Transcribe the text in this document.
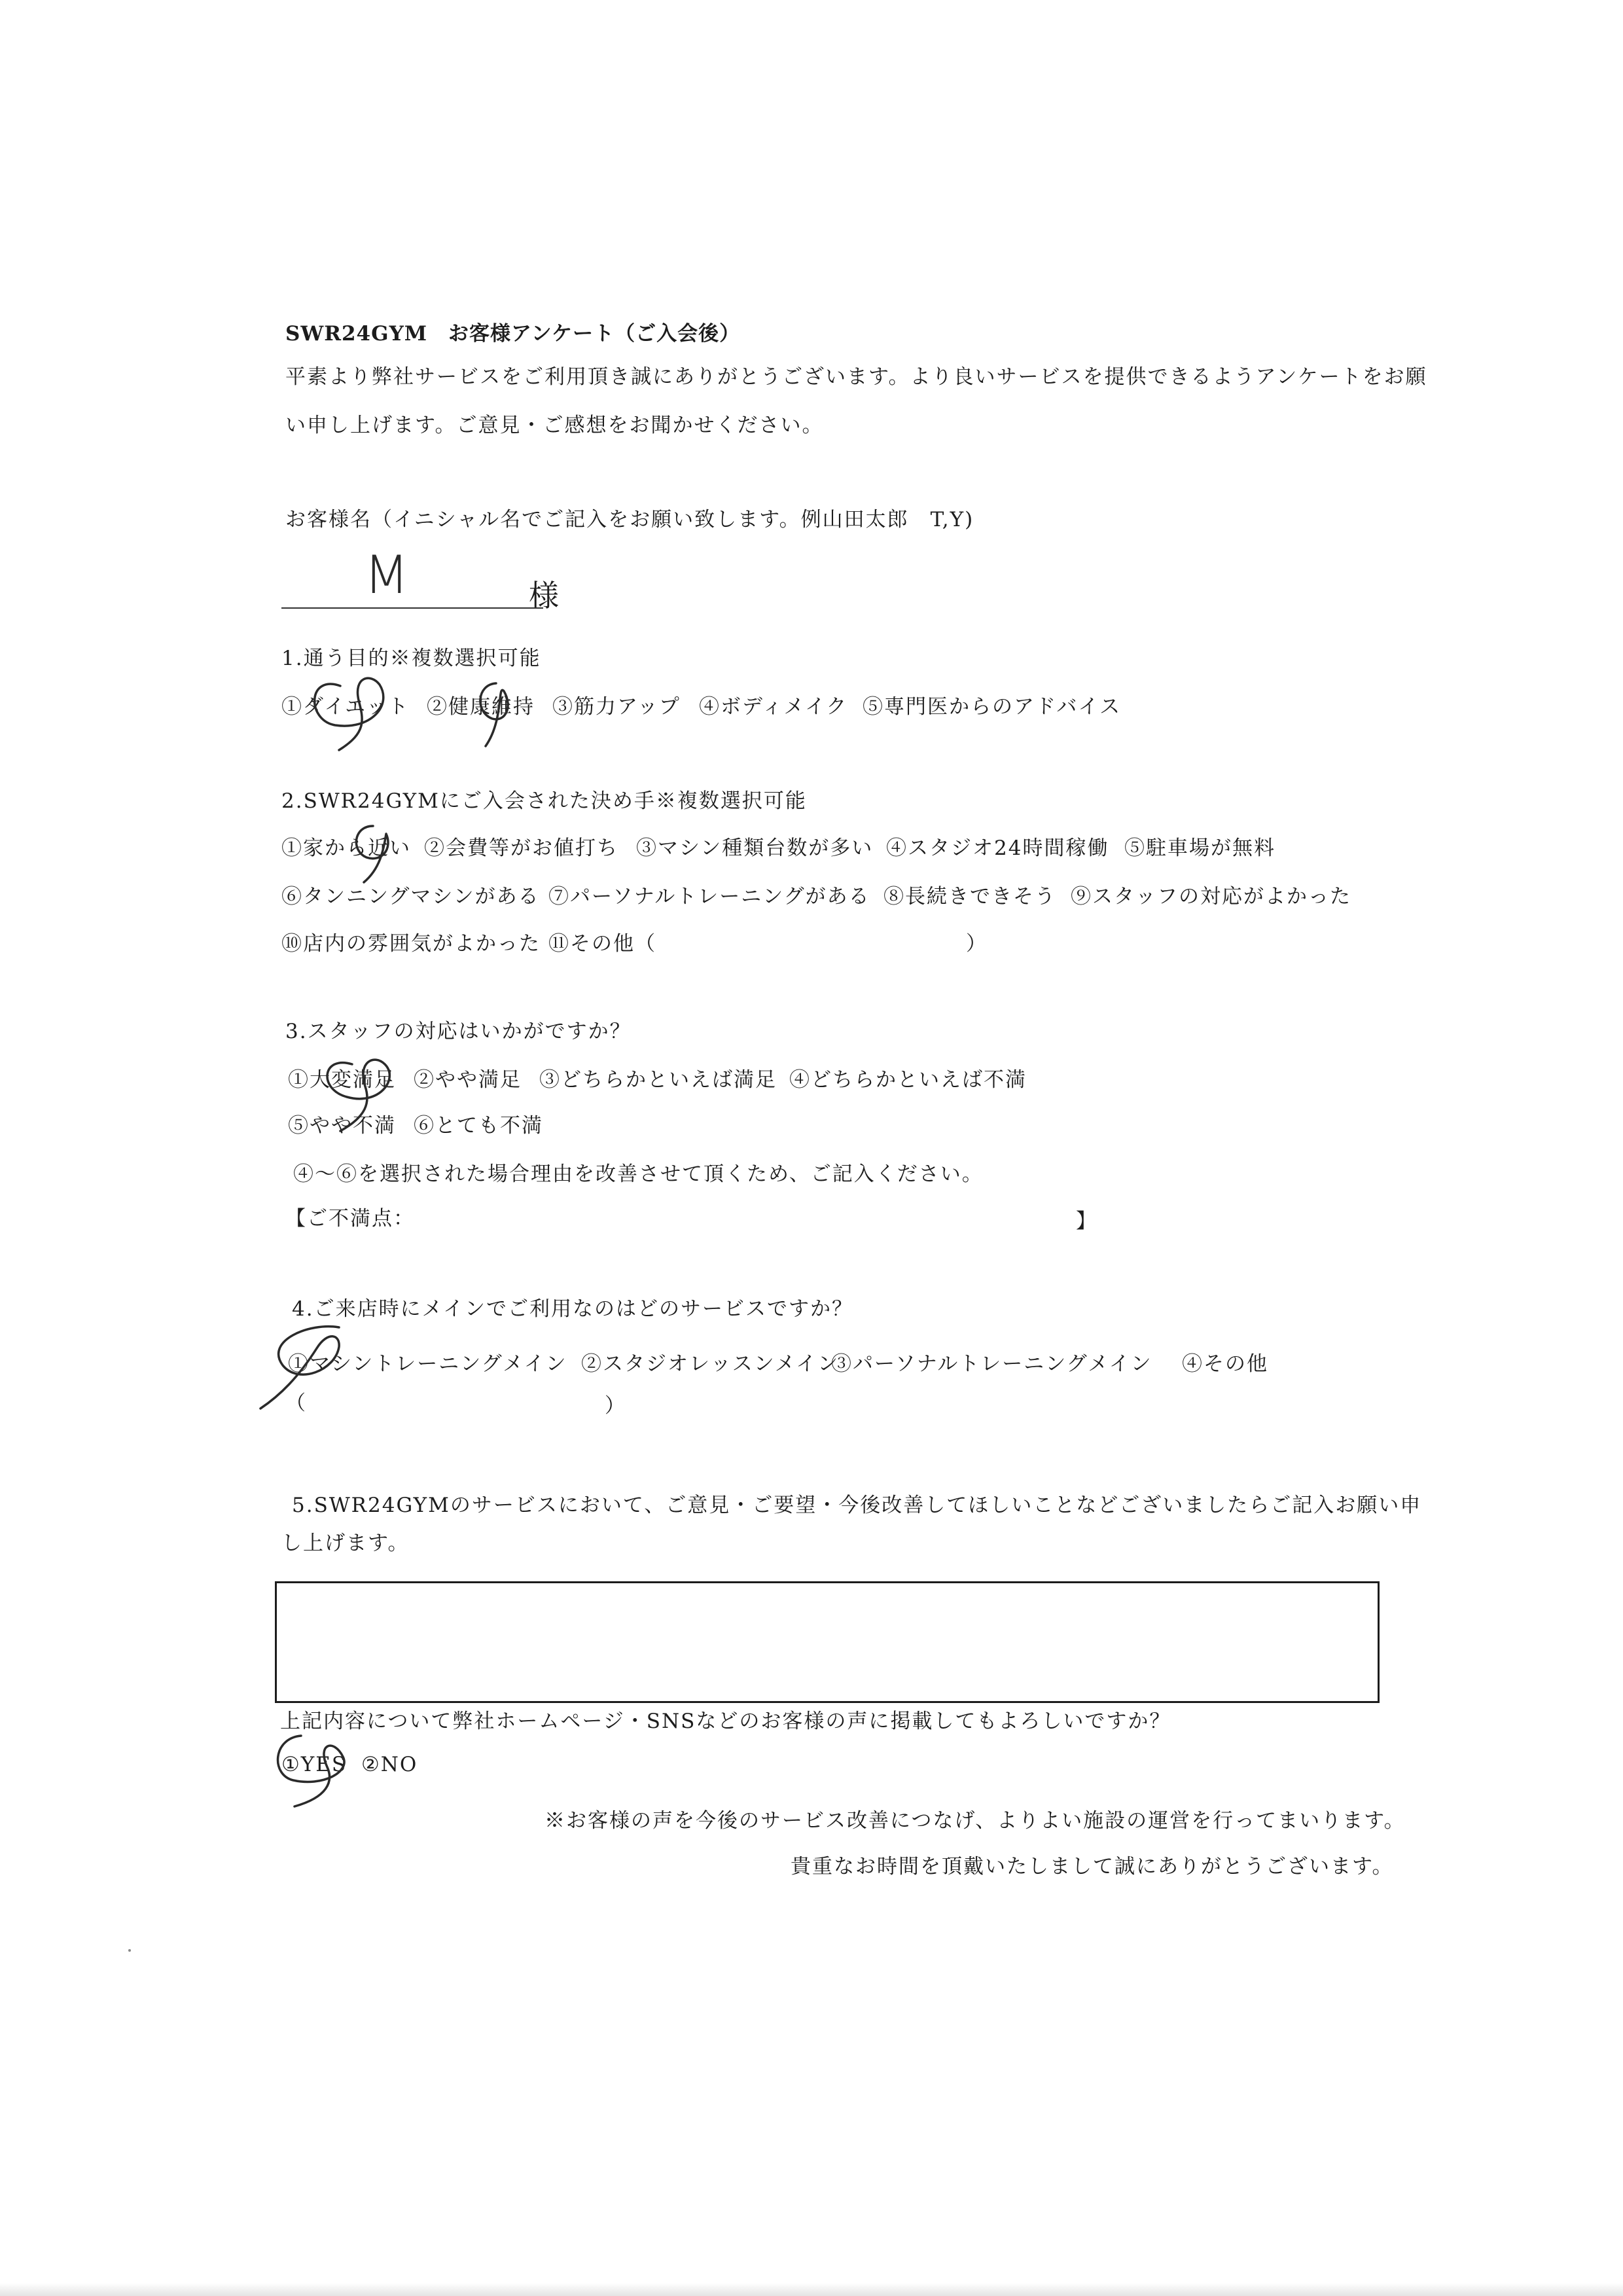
SWR24GYM　お客様アンケート（ご入会後）
平素より弊社サービスをご利用頂き誠にありがとうございます。より良いサービスを提供できるようアンケートをお願
い申し上げます。ご意見・ご感想をお聞かせください。
お客様名（イニシャル名でご記入をお願い致します。例山田太郎　T,Y)
M	様
1.通う目的※複数選択可能
①ダイエット ②健康維持 ③筋力アップ ④ボディメイク ⑤専門医からのアドバイス
2.SWR24GYMにご入会された決め手※複数選択可能
①家から近い ②会費等がお値打ち ③マシン種類台数が多い ④スタジオ24時間稼働 ⑤駐車場が無料
⑥タンニングマシンがある ⑦パーソナルトレーニングがある ⑧長続きできそう ⑨スタッフの対応がよかった
⑩店内の雰囲気がよかった ⑪その他（	）
3.スタッフの対応はいかがですか？
①大変満足 ②やや満足 ③どちらかといえば満足 ④どちらかといえば不満
⑤やや不満 ⑥とても不満
④～⑥を選択された場合理由を改善させて頂くため、ご記入ください。
【ご不満点：	】
4.ご来店時にメインでご利用なのはどのサービスですか？
①マシントレーニングメイン ②スタジオレッスンメイン
③パーソナルトレーニングメイン ④その他
（	）
5.SWR24GYMのサービスにおいて、ご意見・ご要望・今後改善してほしいことなどございましたらご記入お願い申
し上げます。
上記内容について弊社ホームページ・SNSなどのお客様の声に掲載してもよろしいですか？
①YES ②NO
※お客様の声を今後のサービス改善につなげ、よりよい施設の運営を行ってまいります。
貴重なお時間を頂戴いたしまして誠にありがとうございます。
